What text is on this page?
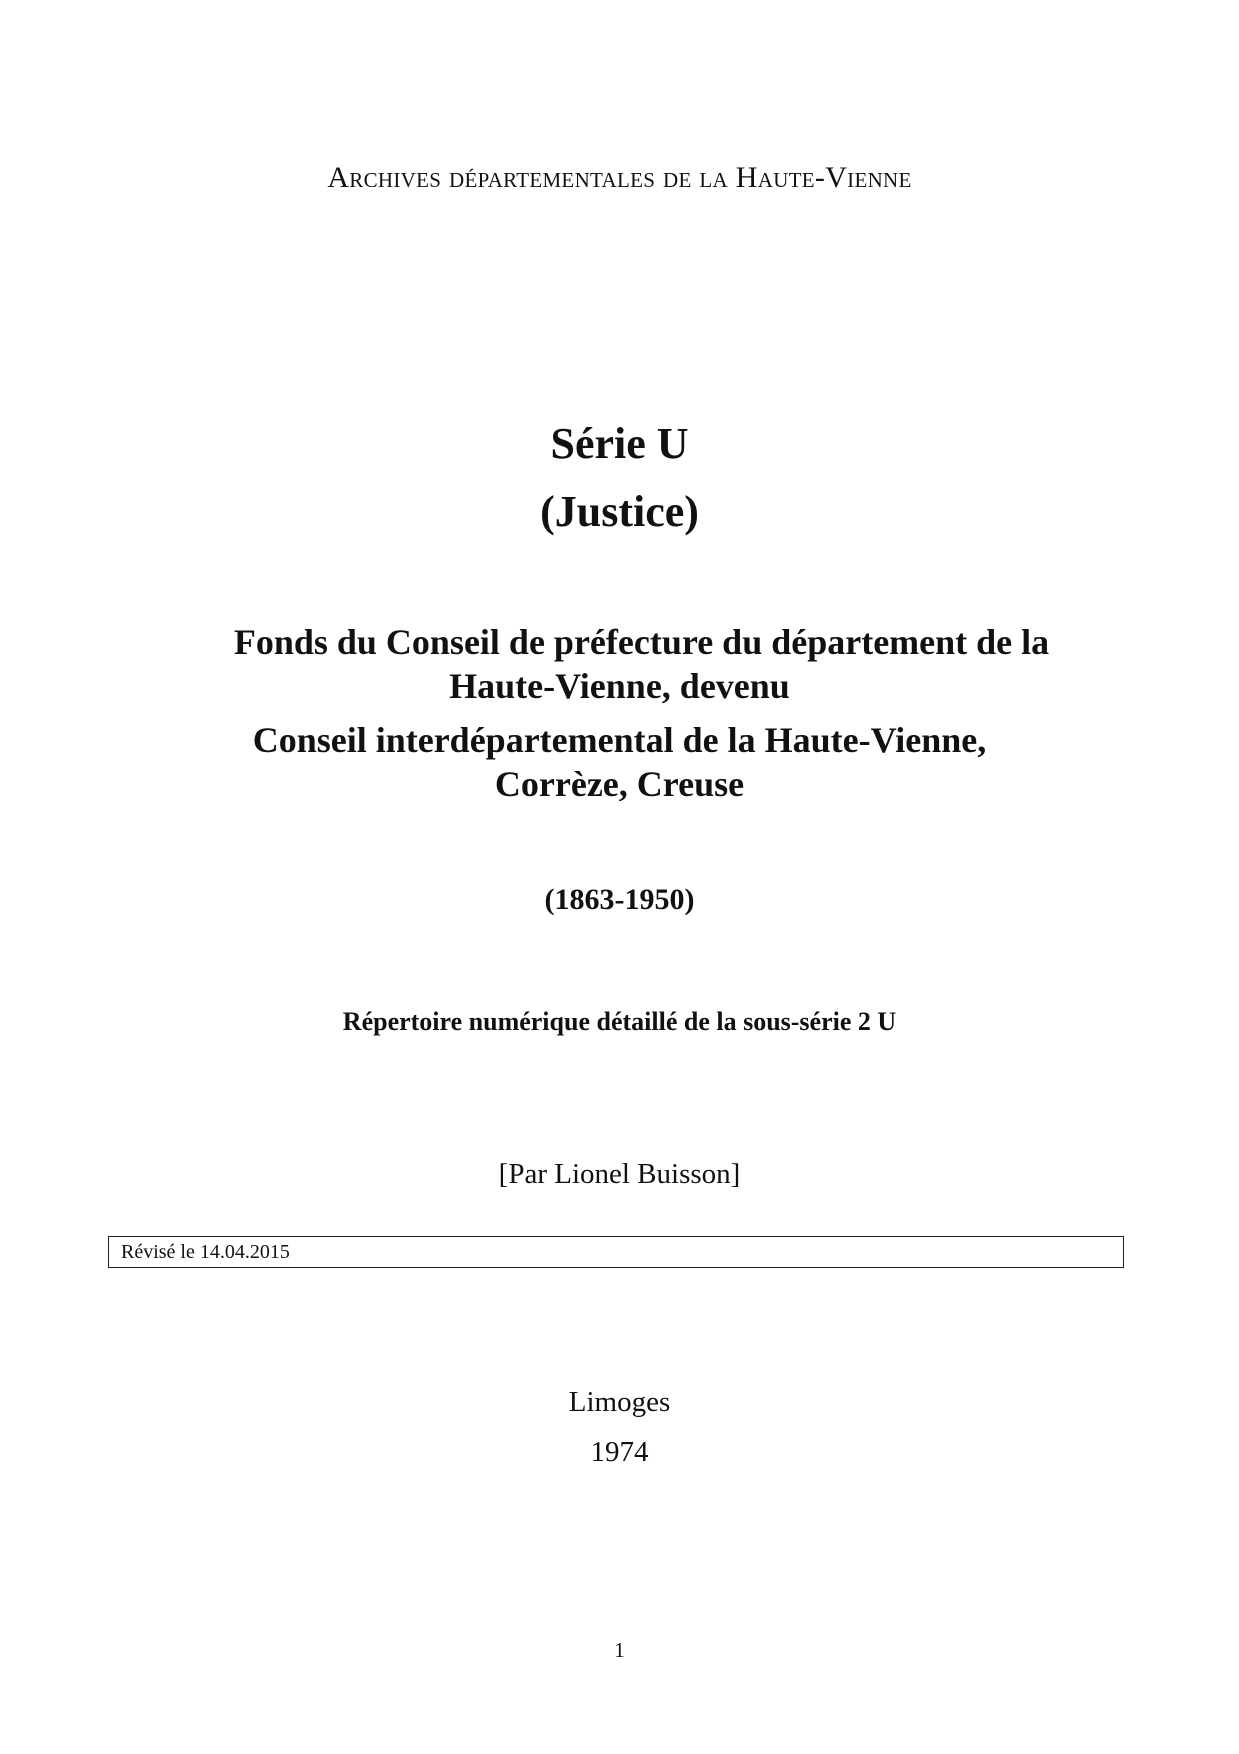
Archives départementales de la Haute-Vienne

Série U
(Justice)
Fonds du Conseil de préfecture du département de la
Haute-Vienne, devenu
Conseil interdépartemental de la Haute-Vienne,
Corrèze, Creuse

(1863-1950)

Répertoire numérique détaillé de la sous-série 2 U

[Par Lionel Buisson]

Révisé le 14.04.2015

Limoges

1974

1
